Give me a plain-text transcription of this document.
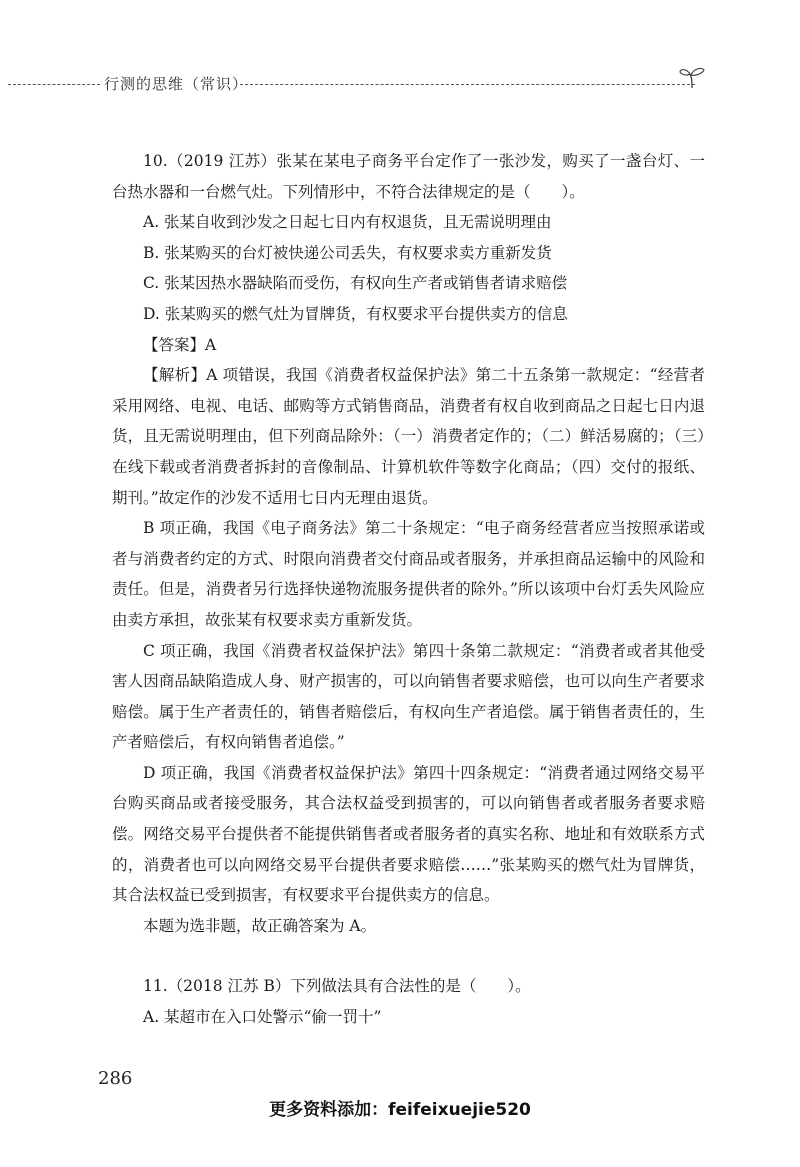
行测的思维（常识）

10.（2019 江苏）张某在某电子商务平台定作了一张沙发，购买了一盏台灯、一台热水器和一台燃气灶。下列情形中，不符合法律规定的是（　　）。

A. 张某自收到沙发之日起七日内有权退货，且无需说明理由

B. 张某购买的台灯被快递公司丢失，有权要求卖方重新发货

C. 张某因热水器缺陷而受伤，有权向生产者或销售者请求赔偿

D. 张某购买的燃气灶为冒牌货，有权要求平台提供卖方的信息

【答案】A

【解析】A 项错误，我国《消费者权益保护法》第二十五条第一款规定：“经营者采用网络、电视、电话、邮购等方式销售商品，消费者有权自收到商品之日起七日内退货，且无需说明理由，但下列商品除外：（一）消费者定作的；（二）鲜活易腐的；（三）在线下载或者消费者拆封的音像制品、计算机软件等数字化商品；（四）交付的报纸、期刊。”故定作的沙发不适用七日内无理由退货。

B 项正确，我国《电子商务法》第二十条规定：“电子商务经营者应当按照承诺或者与消费者约定的方式、时限向消费者交付商品或者服务，并承担商品运输中的风险和责任。但是，消费者另行选择快递物流服务提供者的除外。”所以该项中台灯丢失风险应由卖方承担，故张某有权要求卖方重新发货。

C 项正确，我国《消费者权益保护法》第四十条第二款规定：“消费者或者其他受害人因商品缺陷造成人身、财产损害的，可以向销售者要求赔偿，也可以向生产者要求赔偿。属于生产者责任的，销售者赔偿后，有权向生产者追偿。属于销售者责任的，生产者赔偿后，有权向销售者追偿。”

D 项正确，我国《消费者权益保护法》第四十四条规定：“消费者通过网络交易平台购买商品或者接受服务，其合法权益受到损害的，可以向销售者或者服务者要求赔偿。网络交易平台提供者不能提供销售者或者服务者的真实名称、地址和有效联系方式的，消费者也可以向网络交易平台提供者要求赔偿……”张某购买的燃气灶为冒牌货，其合法权益已受到损害，有权要求平台提供卖方的信息。

本题为选非题，故正确答案为 A。

11.（2018 江苏 B）下列做法具有合法性的是（　　）。

A. 某超市在入口处警示“偷一罚十”

286
更多资料添加：feifeixuejie520
